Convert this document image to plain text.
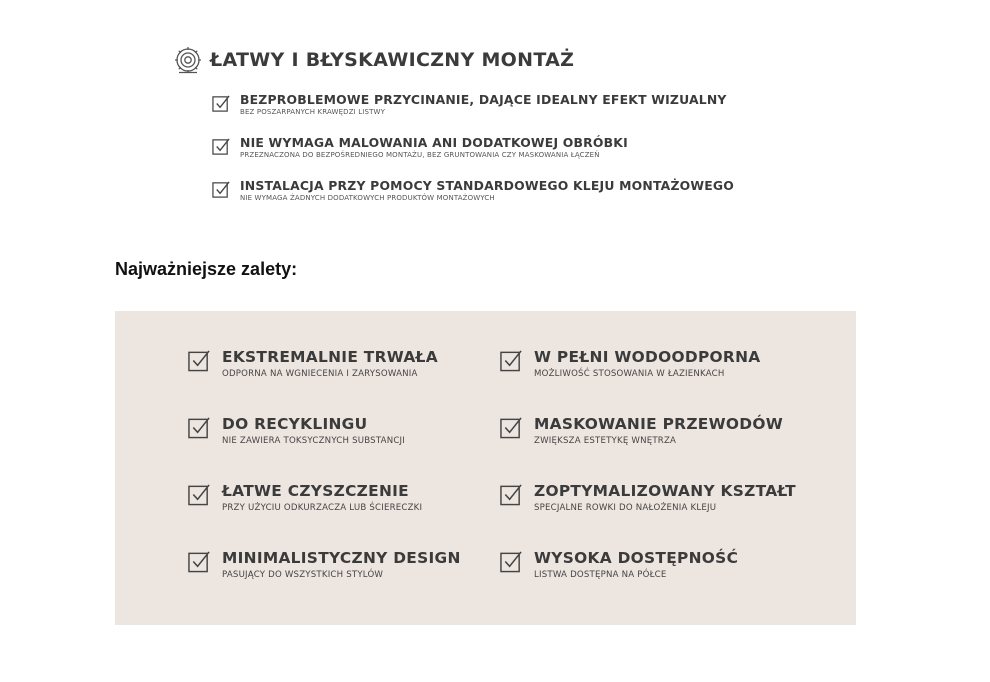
ŁATWY I BŁYSKAWICZNY MONTAŻ
BEZPROBLEMOWE PRZYCINANIE, DAJĄCE IDEALNY EFEKT WIZUALNY
BEZ POSZARPANYCH KRAWĘDZI LISTWY
NIE WYMAGA MALOWANIA ANI DODATKOWEJ OBRÓBKI
PRZEZNACZONA DO BEZPOŚREDNIEGO MONTAŻU, BEZ GRUNTOWANIA CZY MASKOWANIA ŁĄCZEŃ
INSTALACJA PRZY POMOCY STANDARDOWEGO KLEJU MONTAŻOWEGO
NIE WYMAGA ŻADNYCH DODATKOWYCH PRODUKTÓW MONTAŻOWYCH
Najważniejsze zalety:
EKSTREMALNIE TRWAŁA
ODPORNA NA WGNIECENIA I ZARYSOWANIA
W PEŁNI WODOODPORNA
MOŻLIWOŚĆ STOSOWANIA W ŁAZIENKACH
DO RECYKLINGU
NIE ZAWIERA TOKSYCZNYCH SUBSTANCJI
MASKOWANIE PRZEWODÓW
ZWIĘKSZA ESTETYKĘ WNĘTRZA
ŁATWE CZYSZCZENIE
PRZY UŻYCIU ODKURZACZA LUB ŚCIERECZKI
ZOPTYMALIZOWANY KSZTAŁT
SPECJALNE ROWKI DO NAŁOŻENIA KLEJU
MINIMALISTYCZNY DESIGN
PASUJĄCY DO WSZYSTKICH STYLÓW
WYSOKA DOSTĘPNOŚĆ
LISTWA DOSTĘPNA NA PÓŁCE
